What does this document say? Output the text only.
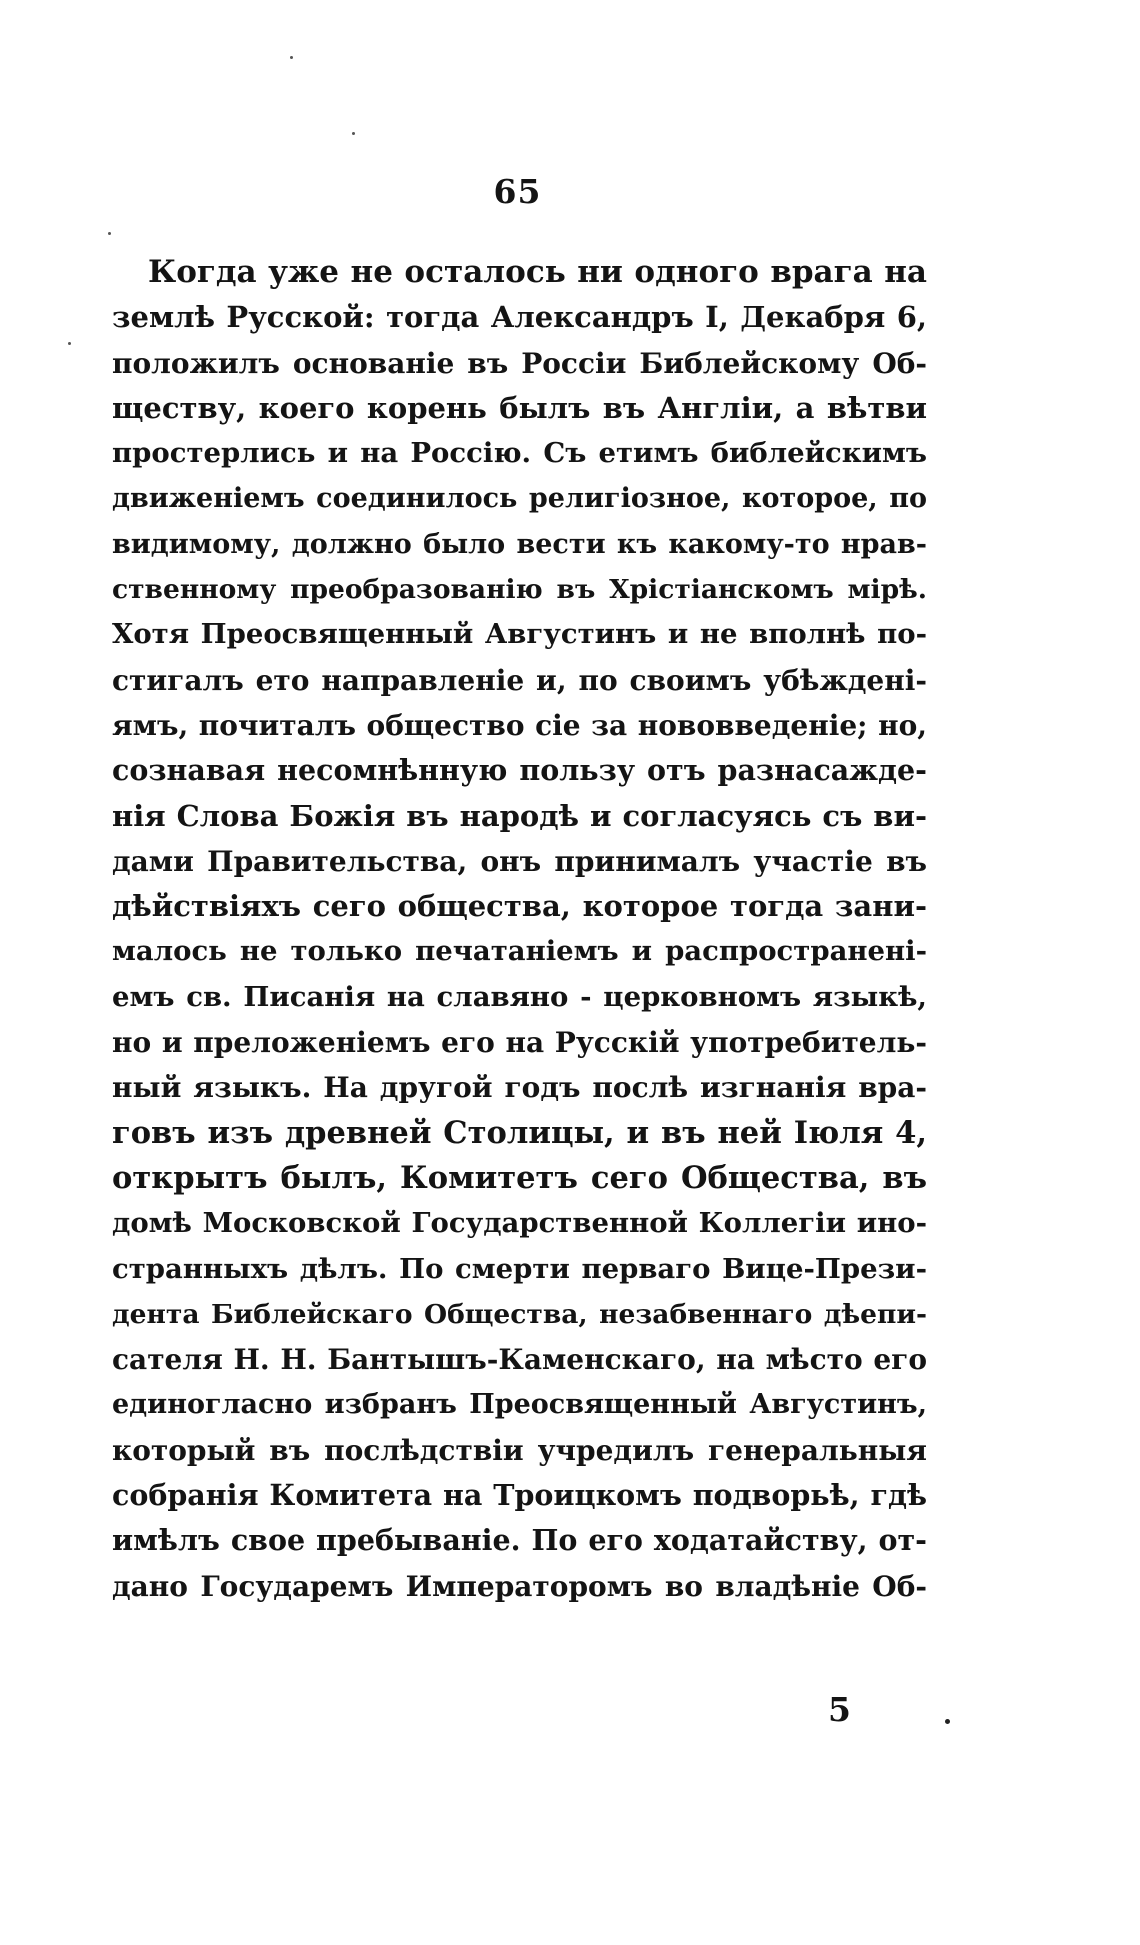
65
Когда уже не осталось ни одного врага на
землѣ Русской: тогда Александръ I, Декабря 6,
положилъ основаніе въ Россіи Библейскому Об-
ществу, коего корень былъ въ Англіи, а вѣтви
простерлись и на Россію. Съ етимъ библейскимъ
движеніемъ соединилось религіозное, которое, по
видимому, должно было вести къ какому-то нрав-
ственному преобразованію въ Хрістіанскомъ мірѣ.
Хотя Преосвященный Августинъ и не вполнѣ по-
стигалъ ето направленіе и, по своимъ убѣжденi-
ямъ, почиталъ общество сіе за нововведеніе; но,
сознавая несомнѣнную пользу отъ разнасажде-
нія Слова Божія въ народѣ и согласуясь съ ви-
дами Правительства, онъ принималъ участіе въ
дѣйствіяхъ сего общества, которое тогда зани-
малось не только печатаніемъ и распространені-
емъ св. Писанія на славяно - церковномъ языкѣ,
но и преложеніемъ его на Русскій употребитель-
ный языкъ. На другой годъ послѣ изгнанія вра-
говъ изъ древней Столицы, и въ ней Іюля 4,
открытъ былъ, Комитетъ сего Общества, въ
домѣ Московской Государственной Коллегіи ино-
странныхъ дѣлъ. По смерти перваго Вице-Прези-
дента Библейскаго Общества, незабвеннаго дѣепи-
сателя Н. Н. Бантышъ-Каменскаго, на мѣсто его
единогласно избранъ Преосвященный Августинъ,
который въ послѣдствіи учредилъ генеральныя
собранія Комитета на Троицкомъ подворьѣ, гдѣ
имѣлъ свое пребываніе. По его ходатайству, от-
дано Государемъ Императоромъ во владѣніе Об-
5
